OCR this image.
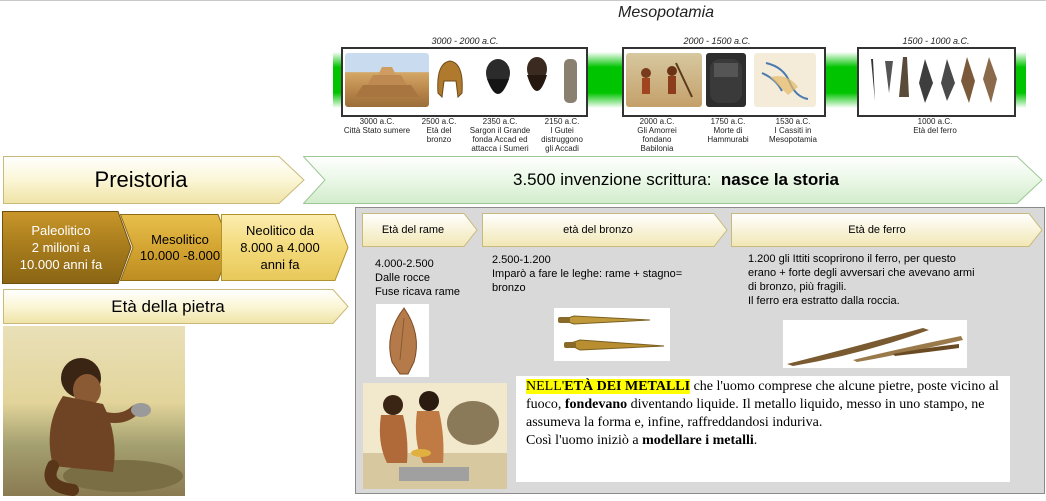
Mesopotamia
3000 - 2000 a.C.	2000 - 1500 a.C.	1500 - 1000 a.C.
3000 a.C.
Città Stato sumere
2500 a.C.
Età del
bronzo
2350 a.C.
Sargon il Grande
fonda Accad ed
attacca i Sumeri
2150 a.C.
I Gutei
distruggono
gli Accadi
2000 a.C.
Gli Amorrei
fondano
Babilonia
1750 a.C.
Morte di
Hammurabi
1530 a.C.
I Cassiti in
Mesopotamia
1000 a.C.
Età del ferro
Preistoria	3.500 invenzione scrittura: nasce la storia
Paleolitico
2 milioni a
10.000 anni fa
Mesolitico
10.000 -8.000
Neolitico da
8.000 a 4.000
anni fa
Età della pietra
Età del rame	età del bronzo	Età de ferro
4.000-2.500
Dalle rocce
Fuse ricava rame
2.500-1.200
Imparò a fare le leghe: rame + stagno=
bronzo
1.200 gli Ittiti scoprirono il ferro, per questo
erano + forte degli avversari che avevano armi
di bronzo, più fragili.
Il ferro era estratto dalla roccia.
NELL'ETÀ DEI METALLI che l'uomo comprese che alcune pietre, poste vicino al fuoco, fondevano diventando liquide. Il metallo liquido, messo in uno stampo, ne assumeva la forma e, infine, raffreddandosi induriva.
Così l'uomo iniziò a modellare i metalli.
